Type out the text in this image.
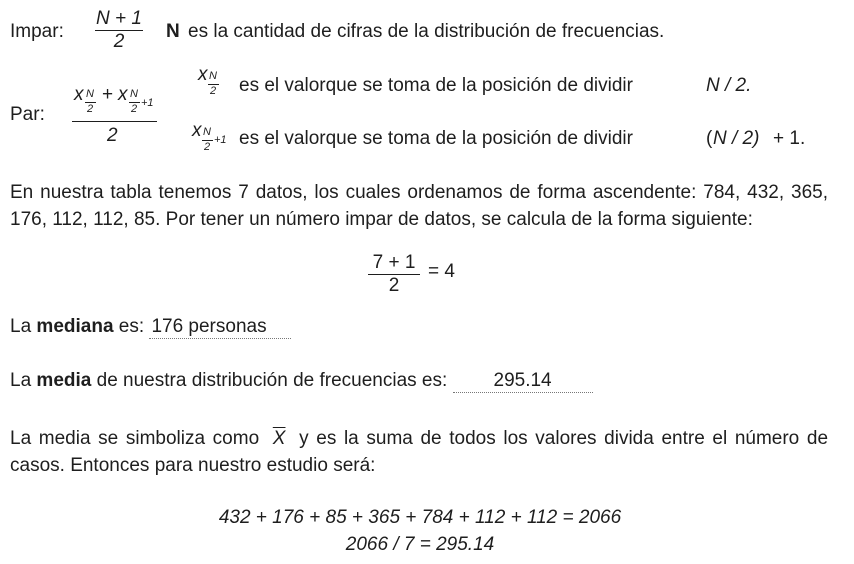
Impar:
N + 1
2	N es la cantidad de cifras de la distribución de frecuencias.
Par:
x N
2
+ x N
2 +1
2
x N
2 es el valorque se toma de la posición de dividir	N / 2.
x N
2
+1 es el valorque se toma de la posición de dividir	( N / 2) + 1.
En nuestra tabla tenemos 7 datos, los cuales ordenamos de forma ascendente: 784, 432, 365, 176, 112, 112, 85. Por tener un número impar de datos, se calcula de la forma siguiente:
7 + 1
2
= 4
La mediana es: 176 personas
La media de nuestra distribución de frecuencias es: 295.14
La media se simboliza como $\overline{X}$ y es la suma de todos los valores divida entre el número de casos. Entonces para nuestro estudio será:
432 + 176 + 85 + 365 + 784 + 112 + 112 = 2066
2066 / 7 = 295.14
